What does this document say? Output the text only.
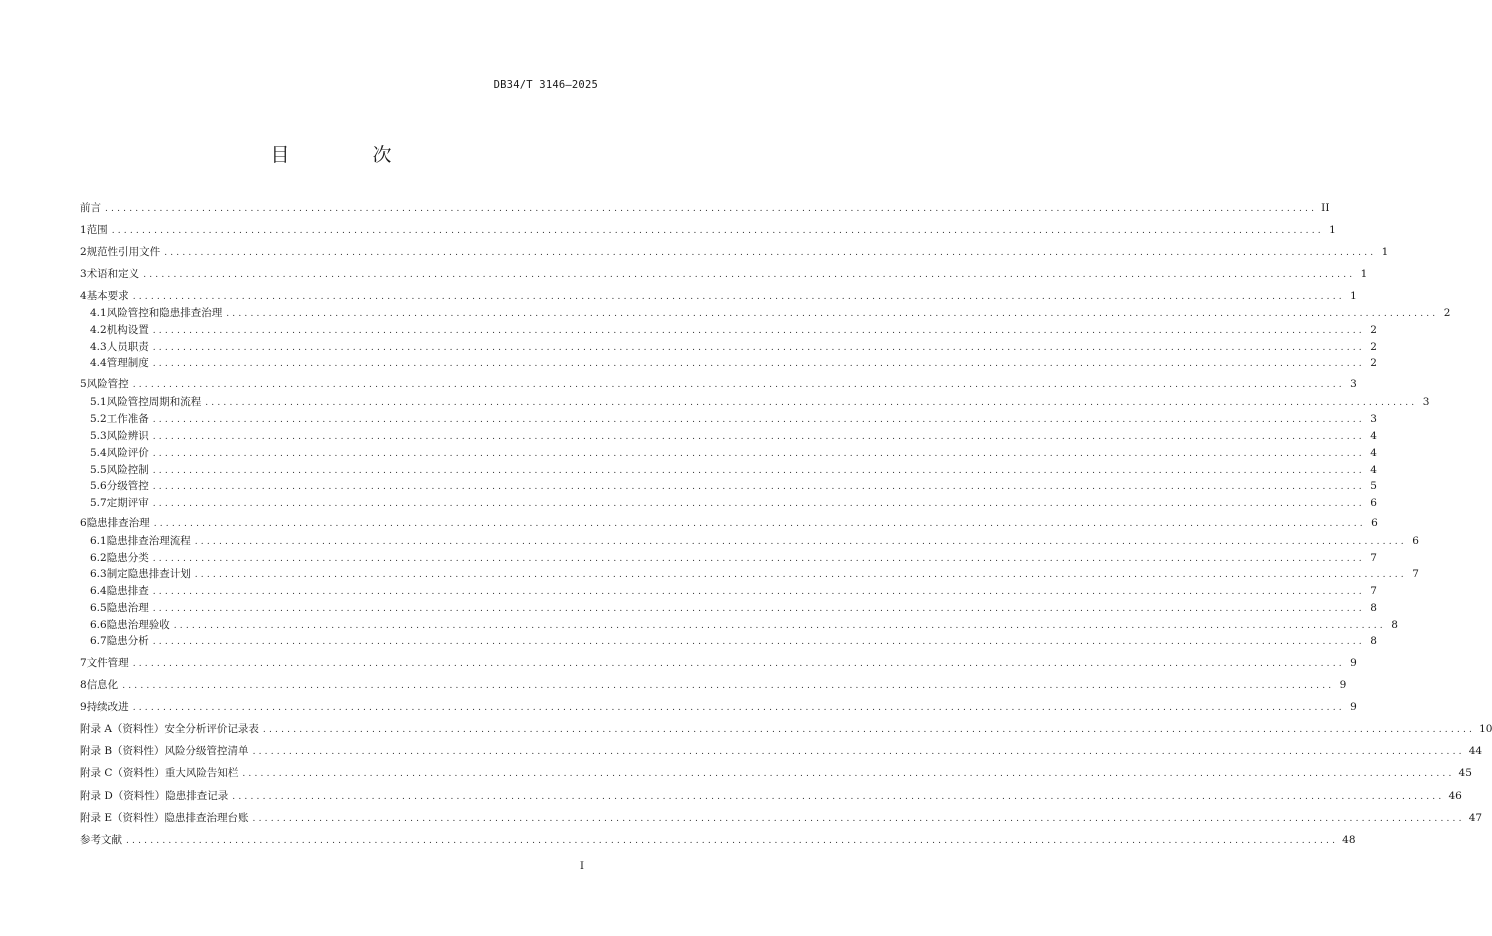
DB34/T 3146—2025
目　次
前言 ........................................................................................................................................................................................................ II
1 范围 ........................................................................................................................................................................................................ 1
2 规范性引用文件 ........................................................................................................................................................................................................ 1
3 术语和定义 ........................................................................................................................................................................................................ 1
4 基本要求 ........................................................................................................................................................................................................ 1
4.1 风险管控和隐患排查治理 ........................................................................................................................................................................................................ 2
4.2 机构设置 ........................................................................................................................................................................................................ 2
4.3 人员职责 ........................................................................................................................................................................................................ 2
4.4 管理制度 ........................................................................................................................................................................................................ 2
5 风险管控 ........................................................................................................................................................................................................ 3
5.1 风险管控周期和流程 ........................................................................................................................................................................................................ 3
5.2 工作准备 ........................................................................................................................................................................................................ 3
5.3 风险辨识 ........................................................................................................................................................................................................ 4
5.4 风险评价 ........................................................................................................................................................................................................ 4
5.5 风险控制 ........................................................................................................................................................................................................ 4
5.6 分级管控 ........................................................................................................................................................................................................ 5
5.7 定期评审 ........................................................................................................................................................................................................ 6
6 隐患排查治理 ........................................................................................................................................................................................................ 6
6.1 隐患排查治理流程 ........................................................................................................................................................................................................ 6
6.2 隐患分类 ........................................................................................................................................................................................................ 7
6.3 制定隐患排查计划 ........................................................................................................................................................................................................ 7
6.4 隐患排查 ........................................................................................................................................................................................................ 7
6.5 隐患治理 ........................................................................................................................................................................................................ 8
6.6 隐患治理验收 ........................................................................................................................................................................................................ 8
6.7 隐患分析 ........................................................................................................................................................................................................ 8
7 文件管理 ........................................................................................................................................................................................................ 9
8 信息化 ........................................................................................................................................................................................................ 9
9 持续改进 ........................................................................................................................................................................................................ 9
附录 A（资料性） 安全分析评价记录表 ........................................................................................................................................................................................................ 10
附录 B（资料性） 风险分级管控清单 ........................................................................................................................................................................................................ 44
附录 C（资料性） 重大风险告知栏 ........................................................................................................................................................................................................ 45
附录 D（资料性） 隐患排查记录 ........................................................................................................................................................................................................ 46
附录 E（资料性） 隐患排查治理台账 ........................................................................................................................................................................................................ 47
参考文献 ........................................................................................................................................................................................................ 48
I
